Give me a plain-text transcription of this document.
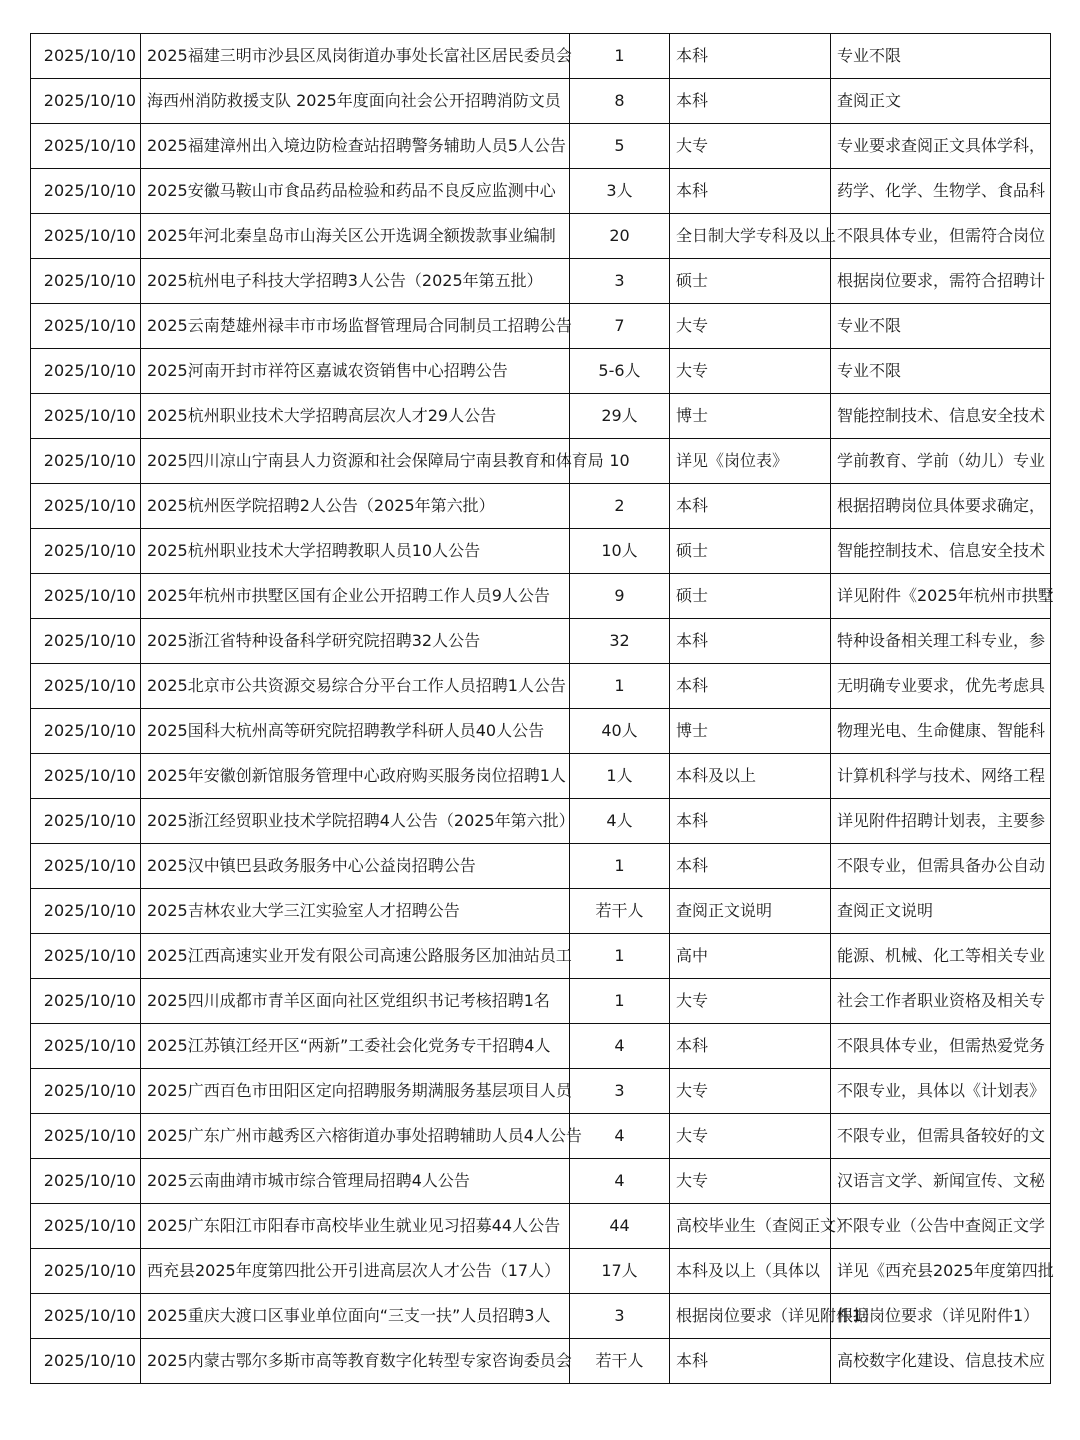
2025/10/10	2025福建三明市沙县区凤岗街道办事处长富社区居民委员会	1	本科	专业不限
2025/10/10	海西州消防救援支队 2025年度面向社会公开招聘消防文员	8	本科	查阅正文
2025/10/10	2025福建漳州出入境边防检查站招聘警务辅助人员5人公告	5	大专	专业要求查阅正文具体学科，
2025/10/10	2025安徽马鞍山市食品药品检验和药品不良反应监测中心	3人	本科	药学、化学、生物学、食品科
2025/10/10	2025年河北秦皇岛市山海关区公开选调全额拨款事业编制	20	全日制大学专科及以上	不限具体专业，但需符合岗位
2025/10/10	2025杭州电子科技大学招聘3人公告（2025年第五批）	3	硕士	根据岗位要求，需符合招聘计
2025/10/10	2025云南楚雄州禄丰市市场监督管理局合同制员工招聘公告	7	大专	专业不限
2025/10/10	2025河南开封市祥符区嘉诚农资销售中心招聘公告	5-6人	大专	专业不限
2025/10/10	2025杭州职业技术大学招聘高层次人才29人公告	29人	博士	智能控制技术、信息安全技术
2025/10/10	2025四川凉山宁南县人力资源和社会保障局宁南县教育和体育局	10	详见《岗位表》	学前教育、学前（幼儿）专业
2025/10/10	2025杭州医学院招聘2人公告（2025年第六批）	2	本科	根据招聘岗位具体要求确定，
2025/10/10	2025杭州职业技术大学招聘教职人员10人公告	10人	硕士	智能控制技术、信息安全技术
2025/10/10	2025年杭州市拱墅区国有企业公开招聘工作人员9人公告	9	硕士	详见附件《2025年杭州市拱墅
2025/10/10	2025浙江省特种设备科学研究院招聘32人公告	32	本科	特种设备相关理工科专业，参
2025/10/10	2025北京市公共资源交易综合分平台工作人员招聘1人公告	1	本科	无明确专业要求，优先考虑具
2025/10/10	2025国科大杭州高等研究院招聘教学科研人员40人公告	40人	博士	物理光电、生命健康、智能科
2025/10/10	2025年安徽创新馆服务管理中心政府购买服务岗位招聘1人	1人	本科及以上	计算机科学与技术、网络工程
2025/10/10	2025浙江经贸职业技术学院招聘4人公告（2025年第六批）	4人	本科	详见附件招聘计划表，主要参
2025/10/10	2025汉中镇巴县政务服务中心公益岗招聘公告	1	本科	不限专业，但需具备办公自动
2025/10/10	2025吉林农业大学三江实验室人才招聘公告	若干人	查阅正文说明	查阅正文说明
2025/10/10	2025江西高速实业开发有限公司高速公路服务区加油站员工	1	高中	能源、机械、化工等相关专业
2025/10/10	2025四川成都市青羊区面向社区党组织书记考核招聘1名	1	大专	社会工作者职业资格及相关专
2025/10/10	2025江苏镇江经开区“两新”工委社会化党务专干招聘4人	4	本科	不限具体专业，但需热爱党务
2025/10/10	2025广西百色市田阳区定向招聘服务期满服务基层项目人员	3	大专	不限专业，具体以《计划表》
2025/10/10	2025广东广州市越秀区六榕街道办事处招聘辅助人员4人公告	4	大专	不限专业，但需具备较好的文
2025/10/10	2025云南曲靖市城市综合管理局招聘4人公告	4	大专	汉语言文学、新闻宣传、文秘
2025/10/10	2025广东阳江市阳春市高校毕业生就业见习招募44人公告	44	高校毕业生（查阅正文）	不限专业（公告中查阅正文学
2025/10/10	西充县2025年度第四批公开引进高层次人才公告（17人）	17人	本科及以上（具体以	详见《西充县2025年度第四批
2025/10/10	2025重庆大渡口区事业单位面向“三支一扶”人员招聘3人	3	根据岗位要求（详见附件1）	根据岗位要求（详见附件1）
2025/10/10	2025内蒙古鄂尔多斯市高等教育数字化转型专家咨询委员会	若干人	本科	高校数字化建设、信息技术应
